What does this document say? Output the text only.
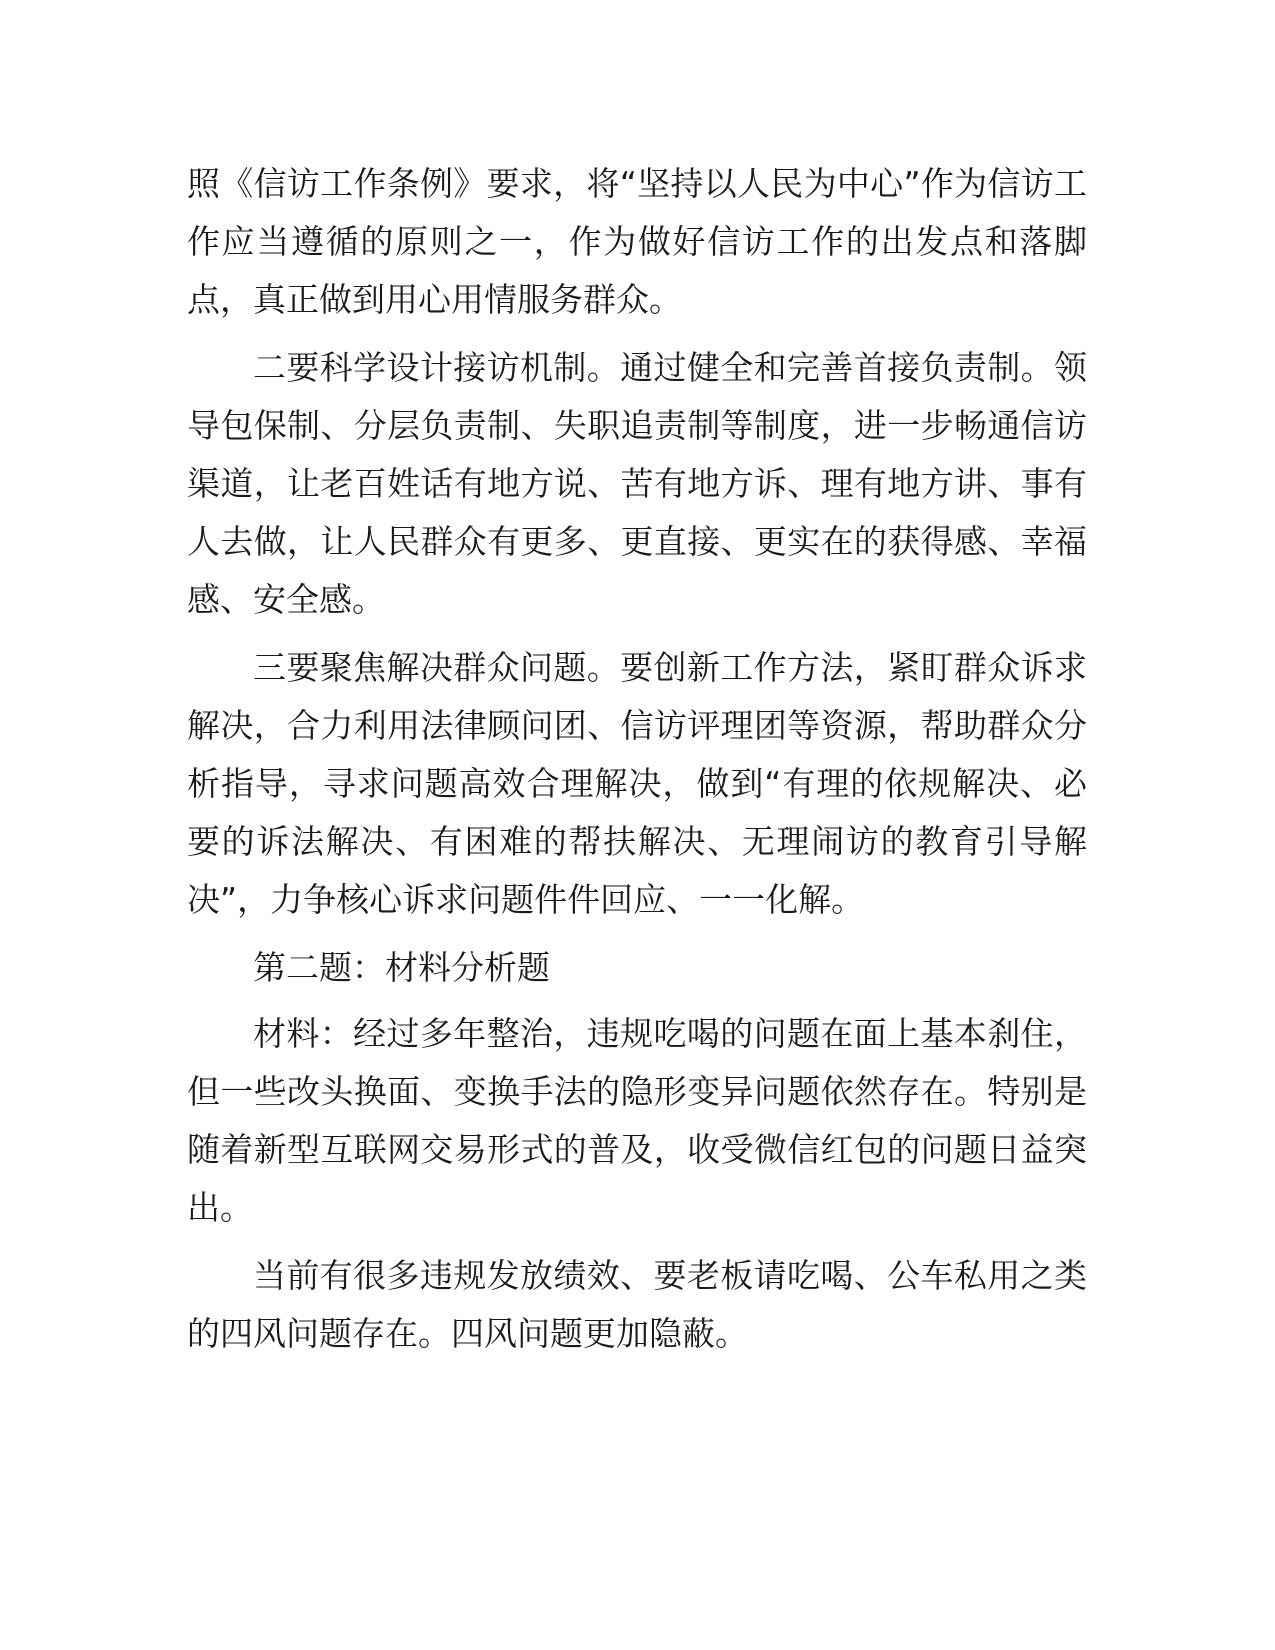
照《信访工作条例》要求，将“坚持以人民为中心”作为信访工作应当遵循的原则之一，作为做好信访工作的出发点和落脚点，真正做到用心用情服务群众。

二要科学设计接访机制。通过健全和完善首接负责制。领导包保制、分层负责制、失职追责制等制度，进一步畅通信访渠道，让老百姓话有地方说、苦有地方诉、理有地方讲、事有人去做，让人民群众有更多、更直接、更实在的获得感、幸福感、安全感。

三要聚焦解决群众问题。要创新工作方法，紧盯群众诉求解决，合力利用法律顾问团、信访评理团等资源，帮助群众分析指导，寻求问题高效合理解决，做到“有理的依规解决、必要的诉法解决、有困难的帮扶解决、无理闹访的教育引导解决”，力争核心诉求问题件件回应、一一化解。

第二题：材料分析题

材料：经过多年整治，违规吃喝的问题在面上基本刹住，但一些改头换面、变换手法的隐形变异问题依然存在。特别是随着新型互联网交易形式的普及，收受微信红包的问题日益突出。

当前有很多违规发放绩效、要老板请吃喝、公车私用之类的四风问题存在。四风问题更加隐蔽。
